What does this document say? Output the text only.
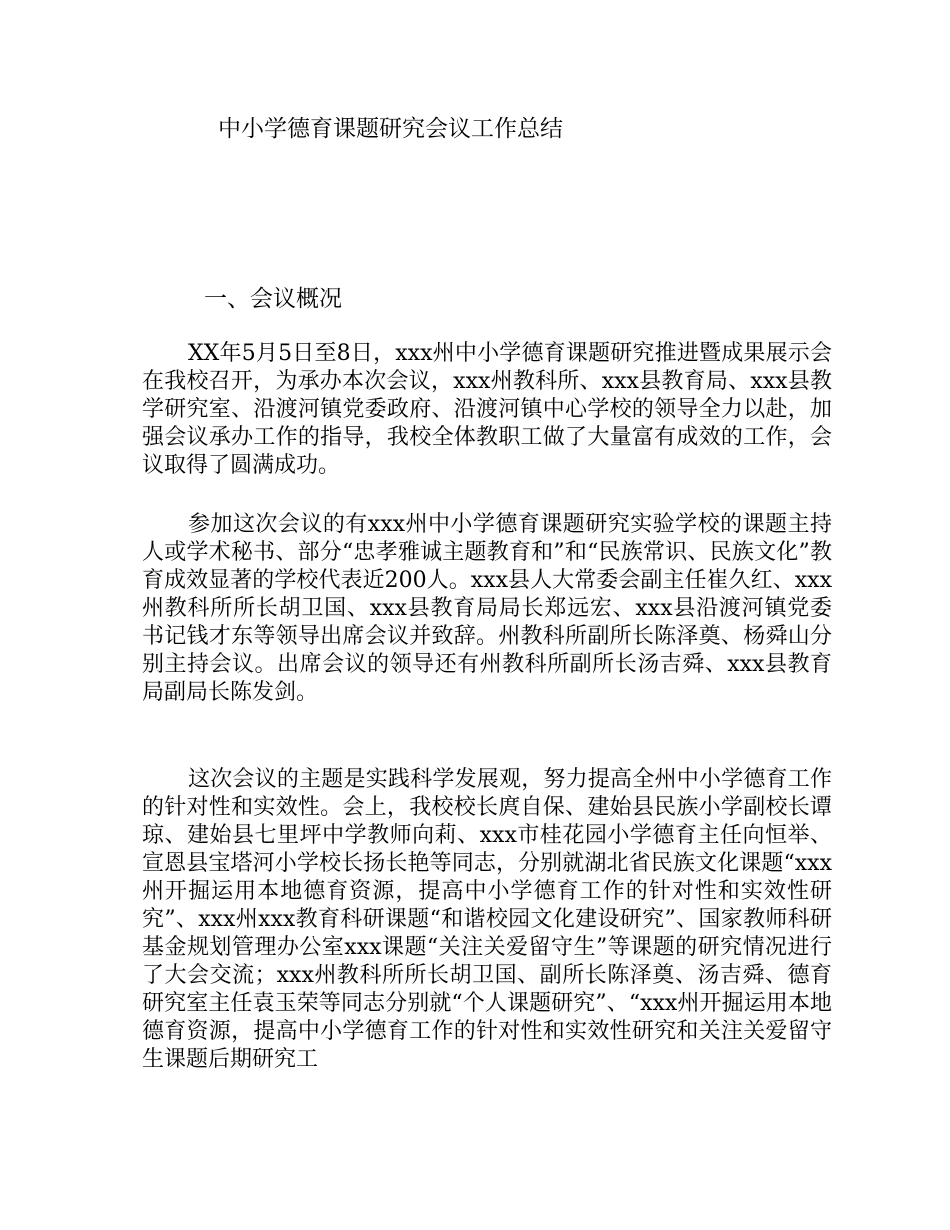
中小学德育课题研究会议工作总结
一、会议概况

XX年5月5日至8日，xxx州中小学德育课题研究推进暨成果展示会在我校召开，为承办本次会议，xxx州教科所、xxx县教育局、xxx县教学研究室、沿渡河镇党委政府、沿渡河镇中心学校的领导全力以赴，加强会议承办工作的指导，我校全体教职工做了大量富有成效的工作，会议取得了圆满成功。

参加这次会议的有xxx州中小学德育课题研究实验学校的课题主持人或学术秘书、部分“忠孝雅诚主题教育和”和“民族常识、民族文化”教育成效显著的学校代表近200人。xxx县人大常委会副主任崔久红、xxx州教科所所长胡卫国、xxx县教育局局长郑远宏、xxx县沿渡河镇党委书记钱才东等领导出席会议并致辞。州教科所副所长陈泽奠、杨舜山分别主持会议。出席会议的领导还有州教科所副所长汤吉舜、xxx县教育局副局长陈发剑。

这次会议的主题是实践科学发展观，努力提高全州中小学德育工作的针对性和实效性。会上，我校校长庹自保、建始县民族小学副校长谭琼、建始县七里坪中学教师向莉、xxx市桂花园小学德育主任向恒举、宣恩县宝塔河小学校长扬长艳等同志，分别就湖北省民族文化课题“xxx州开掘运用本地德育资源，提高中小学德育工作的针对性和实效性研究”、xxx州xxx教育科研课题“和谐校园文化建设研究”、国家教师科研基金规划管理办公室xxx课题“关注关爱留守生”等课题的研究情况进行了大会交流；xxx州教科所所长胡卫国、副所长陈泽奠、汤吉舜、德育研究室主任袁玉荣等同志分别就“个人课题研究”、“xxx州开掘运用本地德育资源，提高中小学德育工作的针对性和实效性研究和关注关爱留守生课题后期研究工
